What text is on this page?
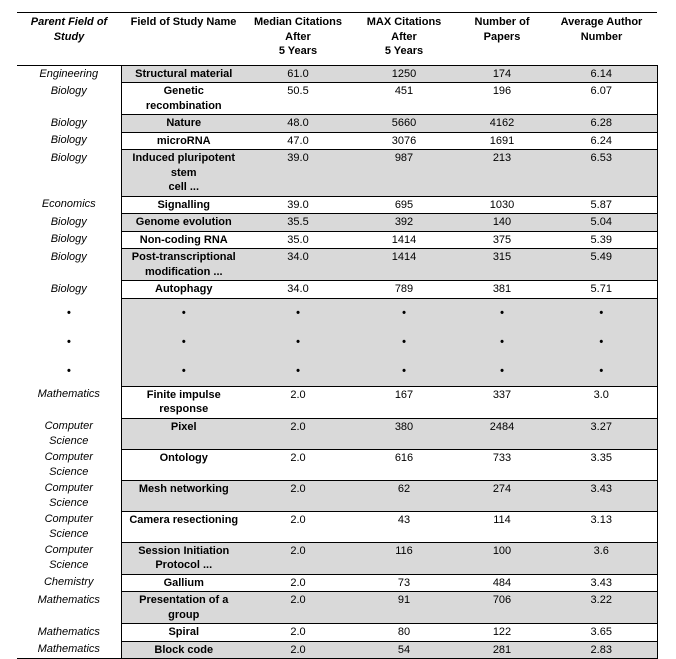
Parent Field of Study	Field of Study Name	Median Citations
After
5 Years	MAX Citations
After
5 Years	Number of
Papers	Average Author
Number
Engineering	Structural material	61.0	1250	174	6.14
Biology	Genetic
recombination	50.5	451	196	6.07
Biology	Nature	48.0	5660	4162	6.28
Biology	microRNA	47.0	3076	1691	6.24
Biology	Induced pluripotent
stem
cell ...	39.0	987	213	6.53
Economics	Signalling	39.0	695	1030	5.87
Biology	Genome evolution	35.5	392	140	5.04
Biology	Non-coding RNA	35.0	1414	375	5.39
Biology	Post-transcriptional
modification ...	34.0	1414	315	5.49
Biology	Autophagy	34.0	789	381	5.71
•	•	•	•	•	•
•	•	•	•	•	•
•	•	•	•	•	•
Mathematics	Finite impulse
response	2.0	167	337	3.0
Computer
Science	Pixel	2.0	380	2484	3.27
Computer
Science	Ontology	2.0	616	733	3.35
Computer
Science	Mesh networking	2.0	62	274	3.43
Computer
Science	Camera resectioning	2.0	43	114	3.13
Computer
Science	Session Initiation
Protocol ...	2.0	116	100	3.6
Chemistry	Gallium	2.0	73	484	3.43
Mathematics	Presentation of a
group	2.0	91	706	3.22
Mathematics	Spiral	2.0	80	122	3.65
Mathematics	Block code	2.0	54	281	2.83
